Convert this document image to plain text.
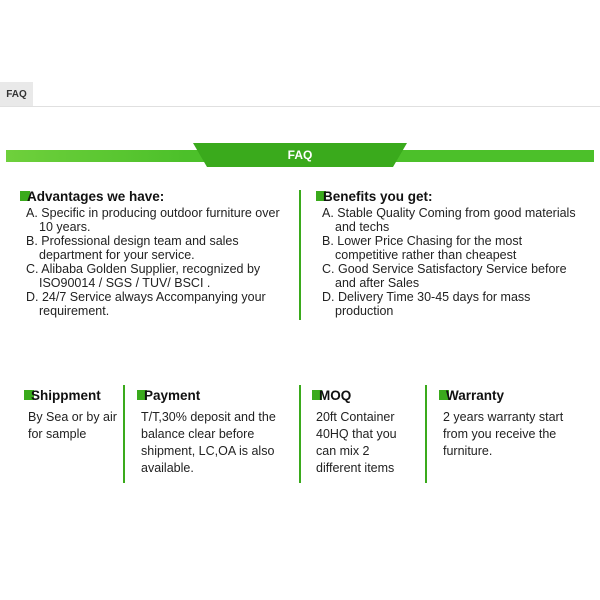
FAQ
FAQ
Advantages we have:
A. Specific in producing outdoor furniture over 10 years.
B. Professional design team and sales department for your service.
C. Alibaba Golden Supplier, recognized by ISO90014 / SGS / TUV/ BSCI .
D. 24/7 Service always Accompanying your requirement.
Benefits you get:
A. Stable Quality Coming from good materials and techs
B. Lower Price Chasing for the most competitive rather than cheapest
C. Good Service Satisfactory Service before and after Sales
D. Delivery Time 30-45 days for mass production
Shippment

By Sea or by air for sample

Payment

T/T,30% deposit and the balance clear before shipment, LC,OA is also available.

MOQ

20ft Container 40HQ that you can mix 2 different items

Warranty

2 years warranty start from you receive the furniture.
